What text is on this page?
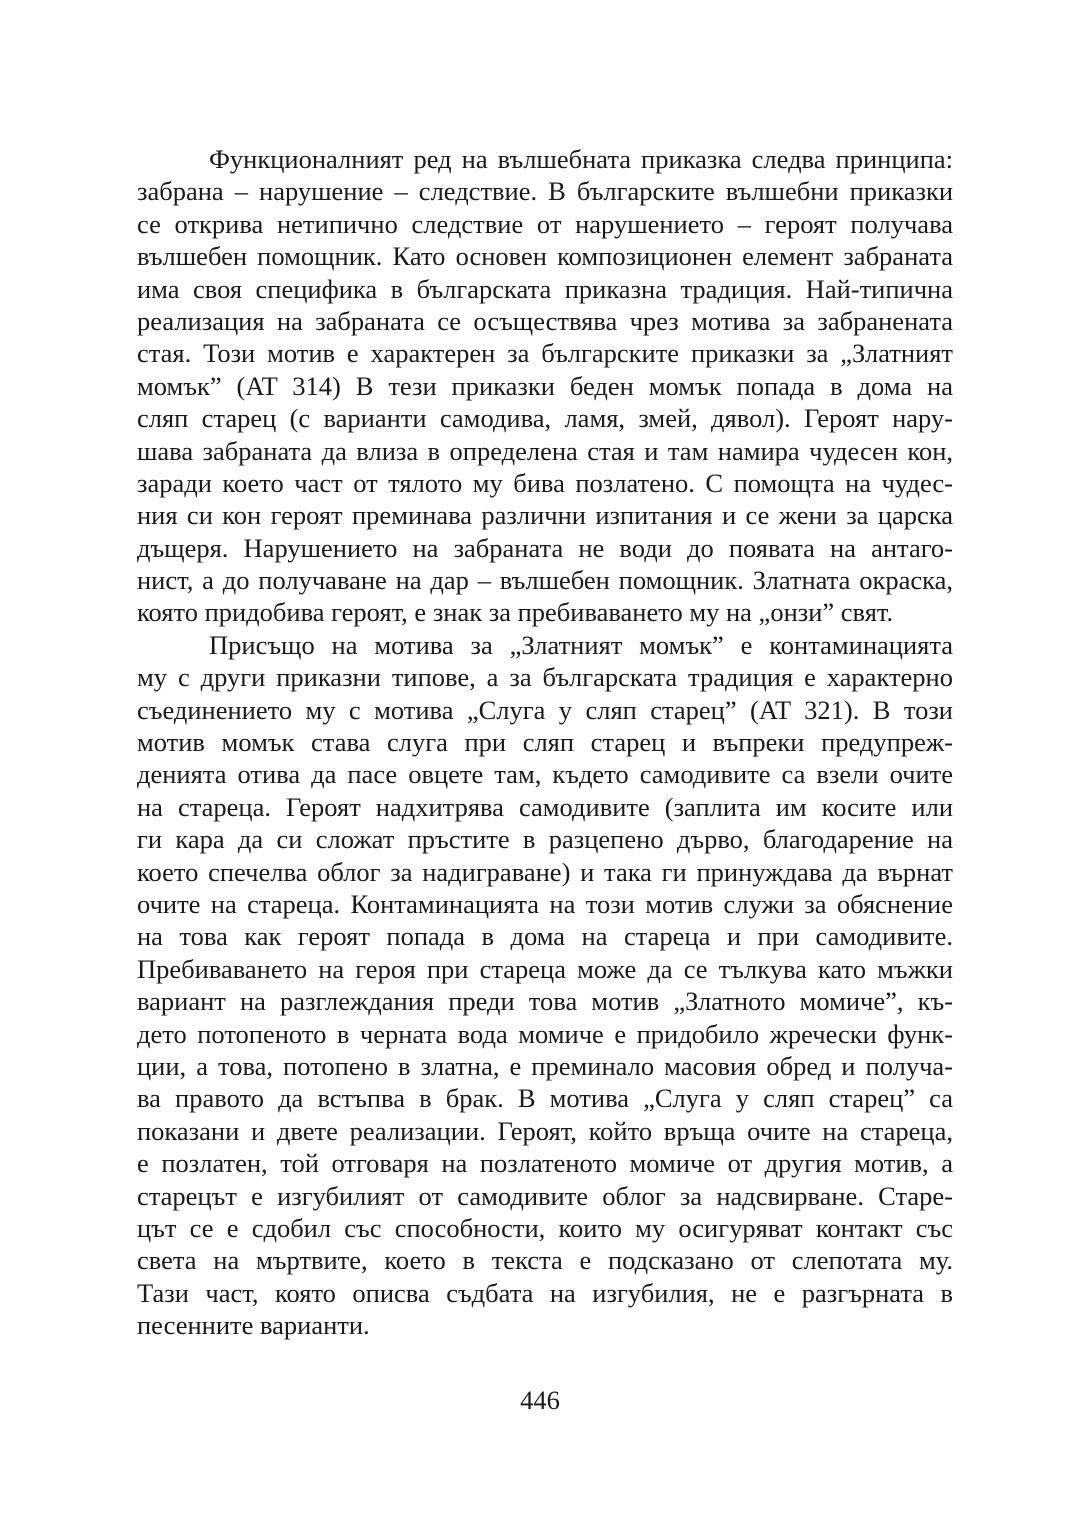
Функционалният ред на вълшебната приказка следва принципа:
забрана – нарушение – следствие. В българските вълшебни приказки
се открива нетипично следствие от нарушението – героят получава
вълшебен помощник. Като основен композиционен елемент забраната
има своя специфика в българската приказна традиция. Най-типична
реализация на забраната се осъществява чрез мотива за забранената
стая. Този мотив е характерен за българските приказки за „Златният
момък” (AT 314) В тези приказки беден момък попада в дома на
сляп старец (с варианти самодива, ламя, змей, дявол). Героят нару-
шава забраната да влиза в определена стая и там намира чудесен кон,
заради което част от тялото му бива позлатено. С помощта на чудес-
ния си кон героят преминава различни изпитания и се жени за царска
дъщеря. Нарушението на забраната не води до появата на антаго-
нист, а до получаване на дар – вълшебен помощник. Златната окраска,
която придобива героят, е знак за пребиваването му на „онзи” свят.
Присъщо на мотива за „Златният момък” е контаминацията
му с други приказни типове, а за българската традиция е характерно
съединението му с мотива „Слуга у сляп старец” (AT 321). В този
мотив момък става слуга при сляп старец и въпреки предупреж-
денията отива да пасе овцете там, където самодивите са взели очите
на стареца. Героят надхитрява самодивите (заплита им косите или
ги кара да си сложат пръстите в разцепено дърво, благодарение на
което спечелва облог за надиграване) и така ги принуждава да върнат
очите на стареца. Контаминацията на този мотив служи за обяснение
на това как героят попада в дома на стареца и при самодивите.
Пребиваването на героя при стареца може да се тълкува като мъжки
вариант на разглеждания преди това мотив „Златното момиче”, къ-
дето потопеното в черната вода момиче е придобило жречески функ-
ции, а това, потопено в златна, е преминало масовия обред и получа-
ва правото да встъпва в брак. В мотива „Слуга у сляп старец” са
показани и двете реализации. Героят, който връща очите на стареца,
е позлатен, той отговаря на позлатеното момиче от другия мотив, а
старецът е изгубилият от самодивите облог за надсвирване. Старе-
цът се е сдобил със способности, които му осигуряват контакт със
света на мъртвите, което в текста е подсказано от слепотата му.
Тази част, която описва съдбата на изгубилия, не е разгърната в
песенните варианти.
446
